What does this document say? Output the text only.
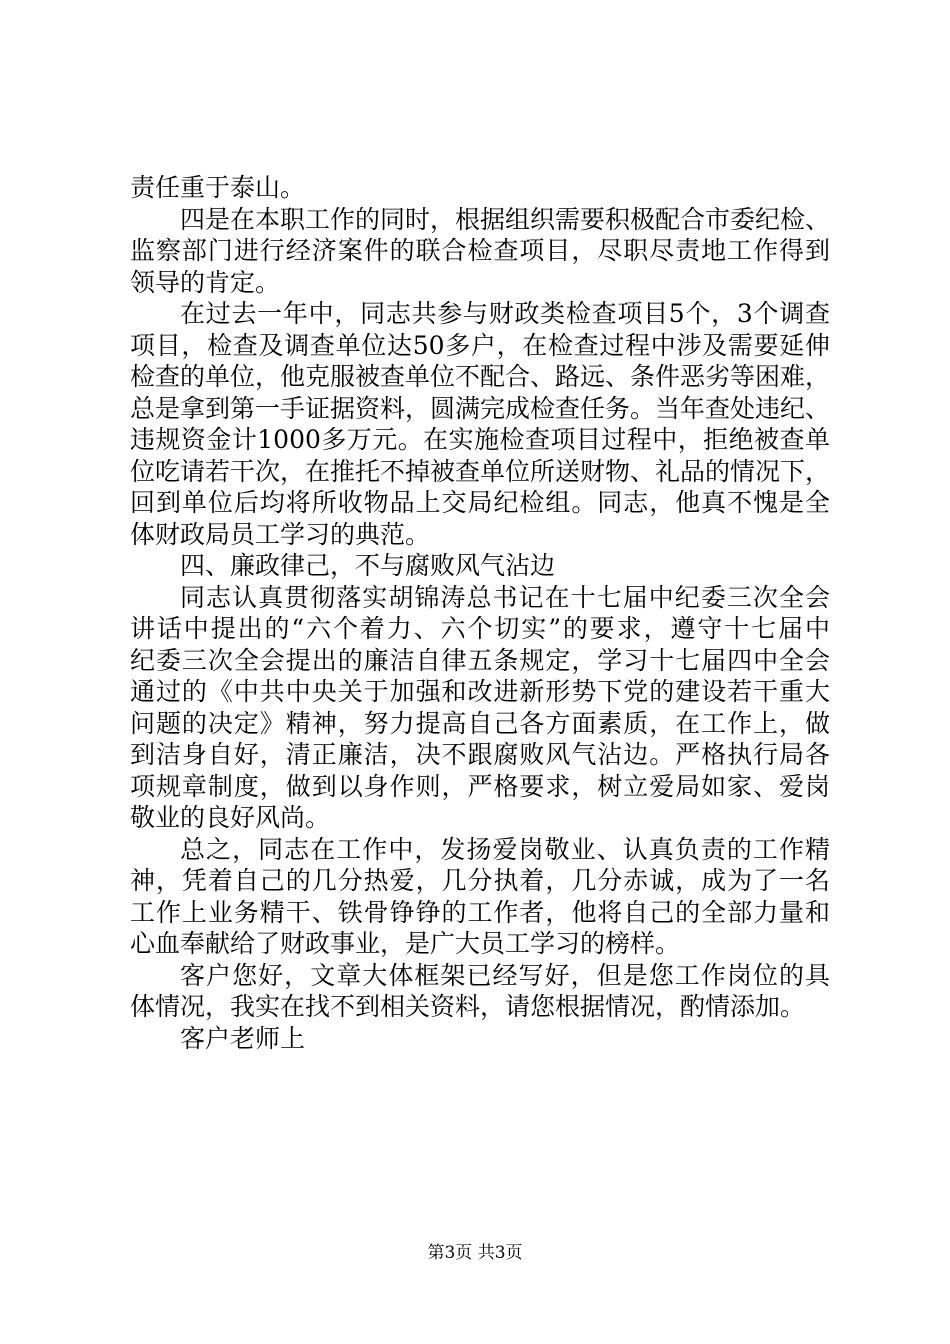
责任重于泰山。
四是在本职工作的同时，根据组织需要积极配合市委纪检、
监察部门进行经济案件的联合检查项目，尽职尽责地工作得到
领导的肯定。
在过去一年中，同志共参与财政类检查项目5个，3个调查
项目，检查及调查单位达50多户，在检查过程中涉及需要延伸
检查的单位，他克服被查单位不配合、路远、条件恶劣等困难，
总是拿到第一手证据资料，圆满完成检查任务。当年查处违纪、
违规资金计1000多万元。在实施检查项目过程中，拒绝被查单
位吃请若干次，在推托不掉被查单位所送财物、礼品的情况下，
回到单位后均将所收物品上交局纪检组。同志，他真不愧是全
体财政局员工学习的典范。
四、廉政律己，不与腐败风气沾边
同志认真贯彻落实胡锦涛总书记在十七届中纪委三次全会
讲话中提出的“六个着力、六个切实”的要求，遵守十七届中
纪委三次全会提出的廉洁自律五条规定，学习十七届四中全会
通过的《中共中央关于加强和改进新形势下党的建设若干重大
问题的决定》精神，努力提高自己各方面素质，在工作上，做
到洁身自好，清正廉洁，决不跟腐败风气沾边。严格执行局各
项规章制度，做到以身作则，严格要求，树立爱局如家、爱岗
敬业的良好风尚。
总之，同志在工作中，发扬爱岗敬业、认真负责的工作精
神，凭着自己的几分热爱，几分执着，几分赤诚，成为了一名
工作上业务精干、铁骨铮铮的工作者，他将自己的全部力量和
心血奉献给了财政事业，是广大员工学习的榜样。
客户您好，文章大体框架已经写好，但是您工作岗位的具
体情况，我实在找不到相关资料，请您根据情况，酌情添加。
客户老师上
第3页 共3页
